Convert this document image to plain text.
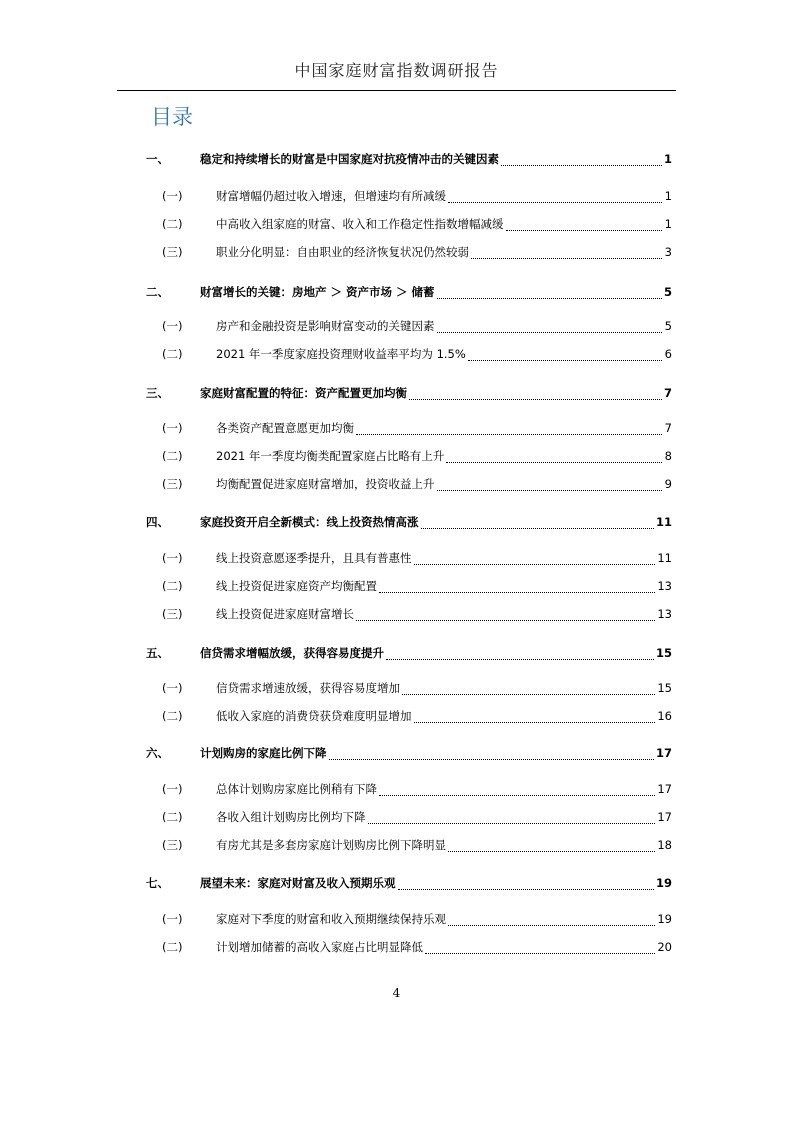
中国家庭财富指数调研报告
目录
一、	稳定和持续增长的财富是中国家庭对抗疫情冲击的关键因素	1
(一)	财富增幅仍超过收入增速，但增速均有所减缓	1
(二)	中高收入组家庭的财富、收入和工作稳定性指数增幅减缓	1
(三)	职业分化明显：自由职业的经济恢复状况仍然较弱	3
二、	财富增长的关键：房地产 ＞ 资产市场 ＞ 储蓄	5
(一)	房产和金融投资是影响财富变动的关键因素	5
(二)	2021 年一季度家庭投资理财收益率平均为 1.5%	6
三、	家庭财富配置的特征：资产配置更加均衡	7
(一)	各类资产配置意愿更加均衡	7
(二)	2021 年一季度均衡类配置家庭占比略有上升	8
(三)	均衡配置促进家庭财富增加，投资收益上升	9
四、	家庭投资开启全新模式：线上投资热情高涨	11
(一)	线上投资意愿逐季提升，且具有普惠性	11
(二)	线上投资促进家庭资产均衡配置	13
(三)	线上投资促进家庭财富增长	13
五、	信贷需求增幅放缓，获得容易度提升	15
(一)	信贷需求增速放缓，获得容易度增加	15
(二)	低收入家庭的消费贷获贷难度明显增加	16
六、	计划购房的家庭比例下降	17
(一)	总体计划购房家庭比例稍有下降	17
(二)	各收入组计划购房比例均下降	17
(三)	有房尤其是多套房家庭计划购房比例下降明显	18
七、	展望未来：家庭对财富及收入预期乐观	19
(一)	家庭对下季度的财富和收入预期继续保持乐观	19
(二)	计划增加储蓄的高收入家庭占比明显降低	20
4
